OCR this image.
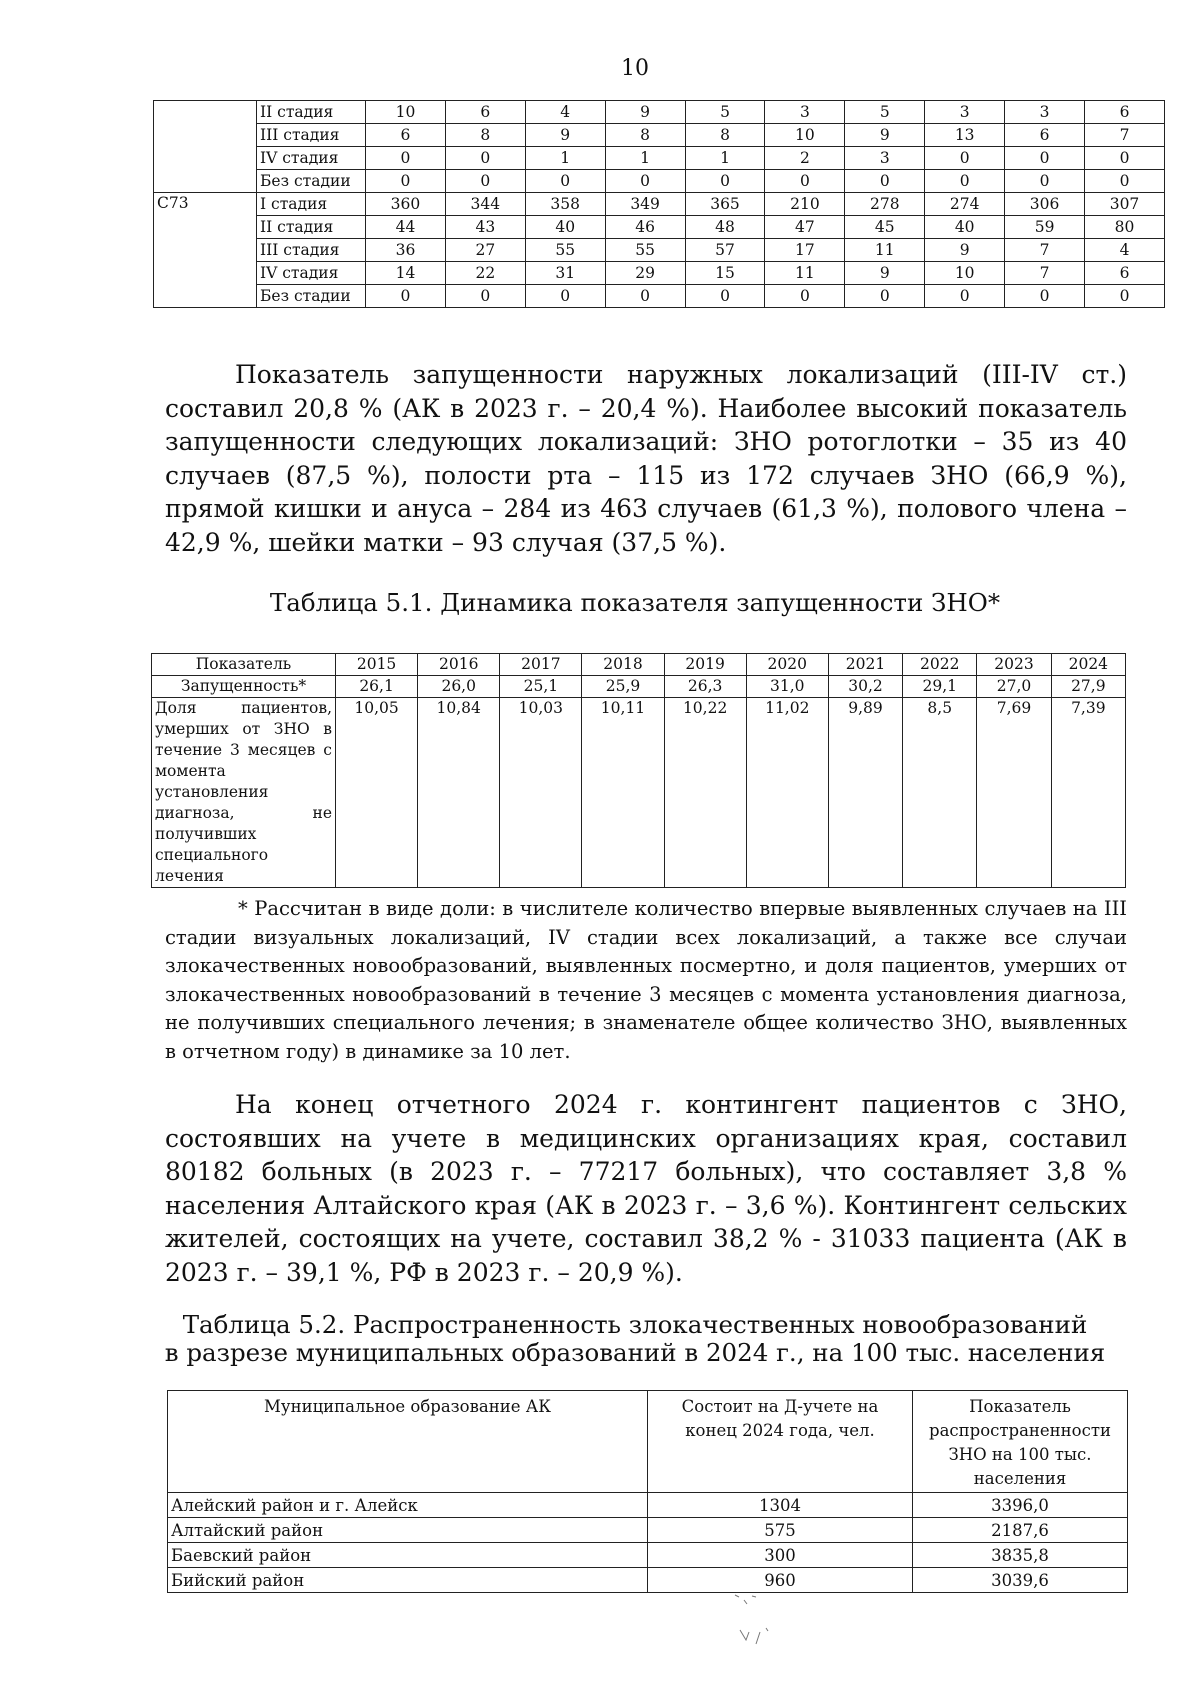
10
	II стадия	10	6	4	9	5	3	5	3	3	6
	III стадия	6	8	9	8	8	10	9	13	6	7
	IV стадия	0	0	1	1	1	2	3	0	0	0
	Без стадии	0	0	0	0	0	0	0	0	0	0
C73	I стадия	360	344	358	349	365	210	278	274	306	307
	II стадия	44	43	40	46	48	47	45	40	59	80
	III стадия	36	27	55	55	57	17	11	9	7	4
	IV стадия	14	22	31	29	15	11	9	10	7	6
	Без стадии	0	0	0	0	0	0	0	0	0	0

Показатель запущенности наружных локализаций (III-IV ст.) составил 20,8 % (АК в 2023 г. – 20,4 %). Наиболее высокий показатель запущенности следующих локализаций: ЗНО ротоглотки – 35 из 40 случаев (87,5 %), полости рта – 115 из 172 случаев ЗНО (66,9 %), прямой кишки и ануса – 284 из 463 случаев (61,3 %), полового члена – 42,9 %, шейки матки – 93 случая (37,5 %).

Таблица 5.1. Динамика показателя запущенности ЗНО*

Показатель	2015	2016	2017	2018	2019	2020	2021	2022	2023	2024
Запущенность*	26,1	26,0	25,1	25,9	26,3	31,0	30,2	29,1	27,0	27,9
Доля пациентов, умерших от ЗНО в течение 3 месяцев с момента установления диагноза, не получивших специального лечения	10,05	10,84	10,03	10,11	10,22	11,02	9,89	8,5	7,69	7,39

* Рассчитан в виде доли: в числителе количество впервые выявленных случаев на III стадии визуальных локализаций, IV стадии всех локализаций, а также все случаи злокачественных новообразований, выявленных посмертно, и доля пациентов, умерших от злокачественных новообразований в течение 3 месяцев с момента установления диагноза, не получивших специального лечения; в знаменателе общее количество ЗНО, выявленных в отчетном году) в динамике за 10 лет.

На конец отчетного 2024 г. контингент пациентов с ЗНО, состоявших на учете в медицинских организациях края, составил 80182 больных (в 2023 г. – 77217 больных), что составляет 3,8 % населения Алтайского края (АК в 2023 г. – 3,6 %). Контингент сельских жителей, состоящих на учете, составил 38,2 % - 31033 пациента (АК в 2023 г. – 39,1 %, РФ в 2023 г. – 20,9 %).

Таблица 5.2. Распространенность злокачественных новообразований

в разрезе муниципальных образований в 2024 г., на 100 тыс. населения

Муниципальное образование АК	Состоит на Д-учете на конец 2024 года, чел.	Показатель распространенности ЗНО на 100 тыс. населения
Алейский район и г. Алейск	1304	3396,0
Алтайский район	575	2187,6
Баевский район	300	3835,8
Бийский район	960	3039,6
